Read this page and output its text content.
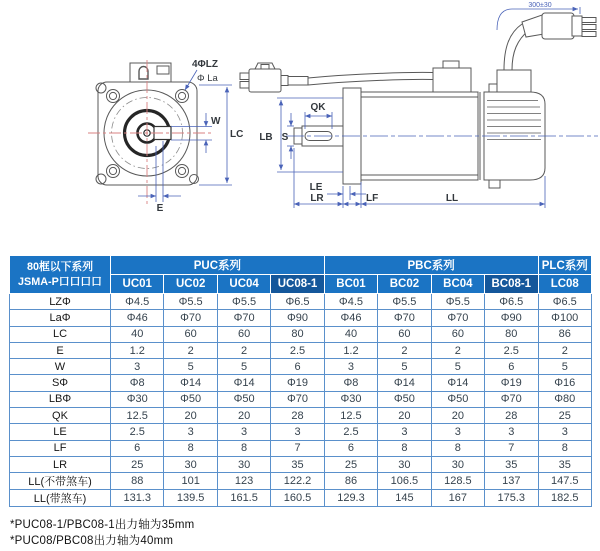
4ΦLZ
Φ La
W
LC
E
LB S
QK
LE
LR	LF	LL
300±30
80框以下系列
JSMA-P口口口口	PUC系列				PBC系列				PLC系列
	UC01	UC02	UC04	UC08-1	BC01	BC02	BC04	BC08-1	LC08
LZΦ	Φ4.5	Φ5.5	Φ5.5	Φ6.5	Φ4.5	Φ5.5	Φ5.5	Φ6.5	Φ6.5
LaΦ	Φ46	Φ70	Φ70	Φ90	Φ46	Φ70	Φ70	Φ90	Φ100
LC	40	60	60	80	40	60	60	80	86
E	1.2	2	2	2.5	1.2	2	2	2.5	2
W	3	5	5	6	3	5	5	6	5
SΦ	Φ8	Φ14	Φ14	Φ19	Φ8	Φ14	Φ14	Φ19	Φ16
LBΦ	Φ30	Φ50	Φ50	Φ70	Φ30	Φ50	Φ50	Φ70	Φ80
QK	12.5	20	20	28	12.5	20	20	28	25
LE	2.5	3	3	3	2.5	3	3	3	3
LF	6	8	8	7	6	8	8	7	8
LR	25	30	30	35	25	30	30	35	35
LL(不带煞车)	88	101	123	122.2	86	106.5	128.5	137	147.5
LL(带煞车)	131.3	139.5	161.5	160.5	129.3	145	167	175.3	182.5
*PUC08-1/PBC08-1出力轴为35mm
*PUC08/PBC08出力轴为40mm
